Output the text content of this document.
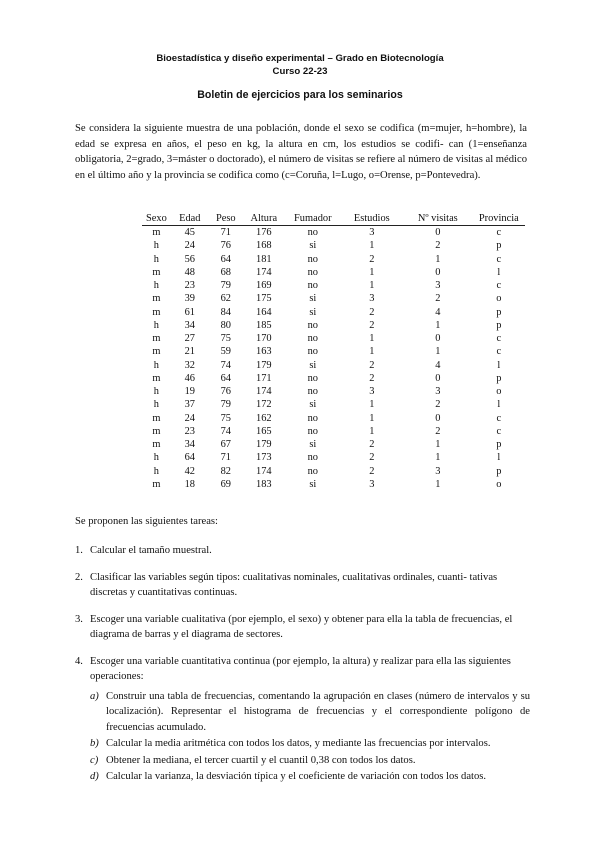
Bioestadística y diseño experimental – Grado en Biotecnología
Curso 22-23
Boletin de ejercicios para los seminarios
Se considera la siguiente muestra de una población, donde el sexo se codifica (m=mujer, h=hombre), la edad se expresa en años, el peso en kg, la altura en cm, los estudios se codifi- can (1=enseñanza obligatoria, 2=grado, 3=máster o doctorado), el número de visitas se refiere al número de visitas al médico en el último año y la provincia se codifica como (c=Coruña, l=Lugo, o=Orense, p=Pontevedra).
Sexo	Edad	Peso	Altura	Fumador	Estudios	Nº visitas	Provincia
m	45	71	176	no	3	0	c
h	24	76	168	si	1	2	p
h	56	64	181	no	2	1	c
m	48	68	174	no	1	0	l
h	23	79	169	no	1	3	c
m	39	62	175	si	3	2	o
m	61	84	164	si	2	4	p
h	34	80	185	no	2	1	p
m	27	75	170	no	1	0	c
m	21	59	163	no	1	1	c
h	32	74	179	si	2	4	l
m	46	64	171	no	2	0	p
h	19	76	174	no	3	3	o
h	37	79	172	si	1	2	l
m	24	75	162	no	1	0	c
m	23	74	165	no	1	2	c
m	34	67	179	si	2	1	p
h	64	71	173	no	2	1	l
h	42	82	174	no	2	3	p
m	18	69	183	si	3	1	o
Se proponen las siguientes tareas:
1. Calcular el tamaño muestral.
2. Clasificar las variables según tipos: cualitativas nominales, cualitativas ordinales, cuanti- tativas discretas y cuantitativas continuas.
3. Escoger una variable cualitativa (por ejemplo, el sexo) y obtener para ella la tabla de frecuencias, el diagrama de barras y el diagrama de sectores.
4. Escoger una variable cuantitativa continua (por ejemplo, la altura) y realizar para ella las siguientes operaciones:
a) Construir una tabla de frecuencias, comentando la agrupación en clases (número de intervalos y su localización). Representar el histograma de frecuencias y el correspondiente polígono de frecuencias acumulado.
b) Calcular la media aritmética con todos los datos, y mediante las frecuencias por intervalos.
c) Obtener la mediana, el tercer cuartil y el cuantil 0,38 con todos los datos.
d) Calcular la varianza, la desviación típica y el coeficiente de variación con todos los datos.
